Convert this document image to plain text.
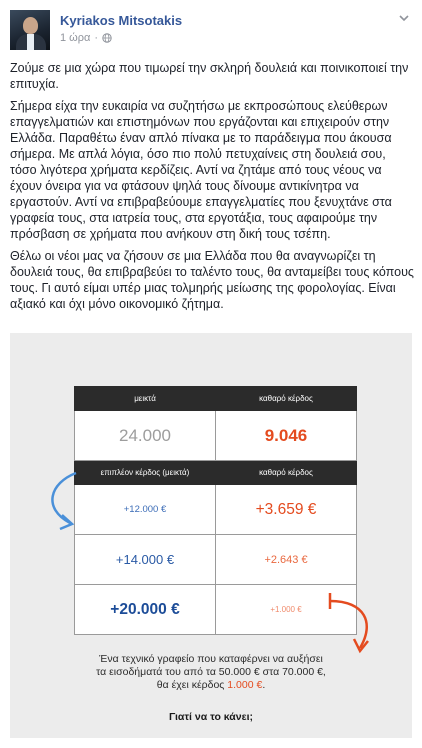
Kyriakos Mitsotakis
1 ώρα ·

Ζούμε σε μια χώρα που τιμωρεί την σκληρή δουλειά και ποινικοποιεί την επιτυχία.

Σήμερα είχα την ευκαιρία να συζητήσω με εκπροσώπους ελεύθερων επαγγελματιών και επιστημόνων που εργάζονται και επιχειρούν στην Ελλάδα. Παραθέτω έναν απλό πίνακα με το παράδειγμα που άκουσα σήμερα. Με απλά λόγια, όσο πιο πολύ πετυχαίνεις στη δουλειά σου, τόσο λιγότερα χρήματα κερδίζεις. Αντί να ζητάμε από τους νέους να έχουν όνειρα για να φτάσουν ψηλά τους δίνουμε αντικίνητρα να εργαστούν. Αντί να επιβραβεύουμε επαγγελματίες που ξενυχτάνε στα γραφεία τους, στα ιατρεία τους, στα εργοτάξια, τους αφαιρούμε την πρόσβαση σε χρήματα που ανήκουν στη δική τους τσέπη.

Θέλω οι νέοι μας να ζήσουν σε μια Ελλάδα που θα αναγνωρίζει τη δουλειά τους, θα επιβραβεύει το ταλέντο τους, θα ανταμείβει τους κόπους τους. Γι αυτό είμαι υπέρ μιας τολμηρής μείωσης της φορολογίας. Είναι αξιακό και όχι μόνο οικονομικό ζήτημα.

μεικτά	καθαρό κέρδος
24.000	9.046
επιπλέον κέρδος (μεικτά)	καθαρό κέρδος
+12.000 €	+3.659 €
+14.000 €	+2.643 €
+20.000 €	+1.000 €
Ένα τεχνικό γραφείο που καταφέρνει να αυξήσει
τα εισοδήματά του από τα 50.000 € στα 70.000 €,
θα έχει κέρδος 1.000 €.
Γιατί να το κάνει;
